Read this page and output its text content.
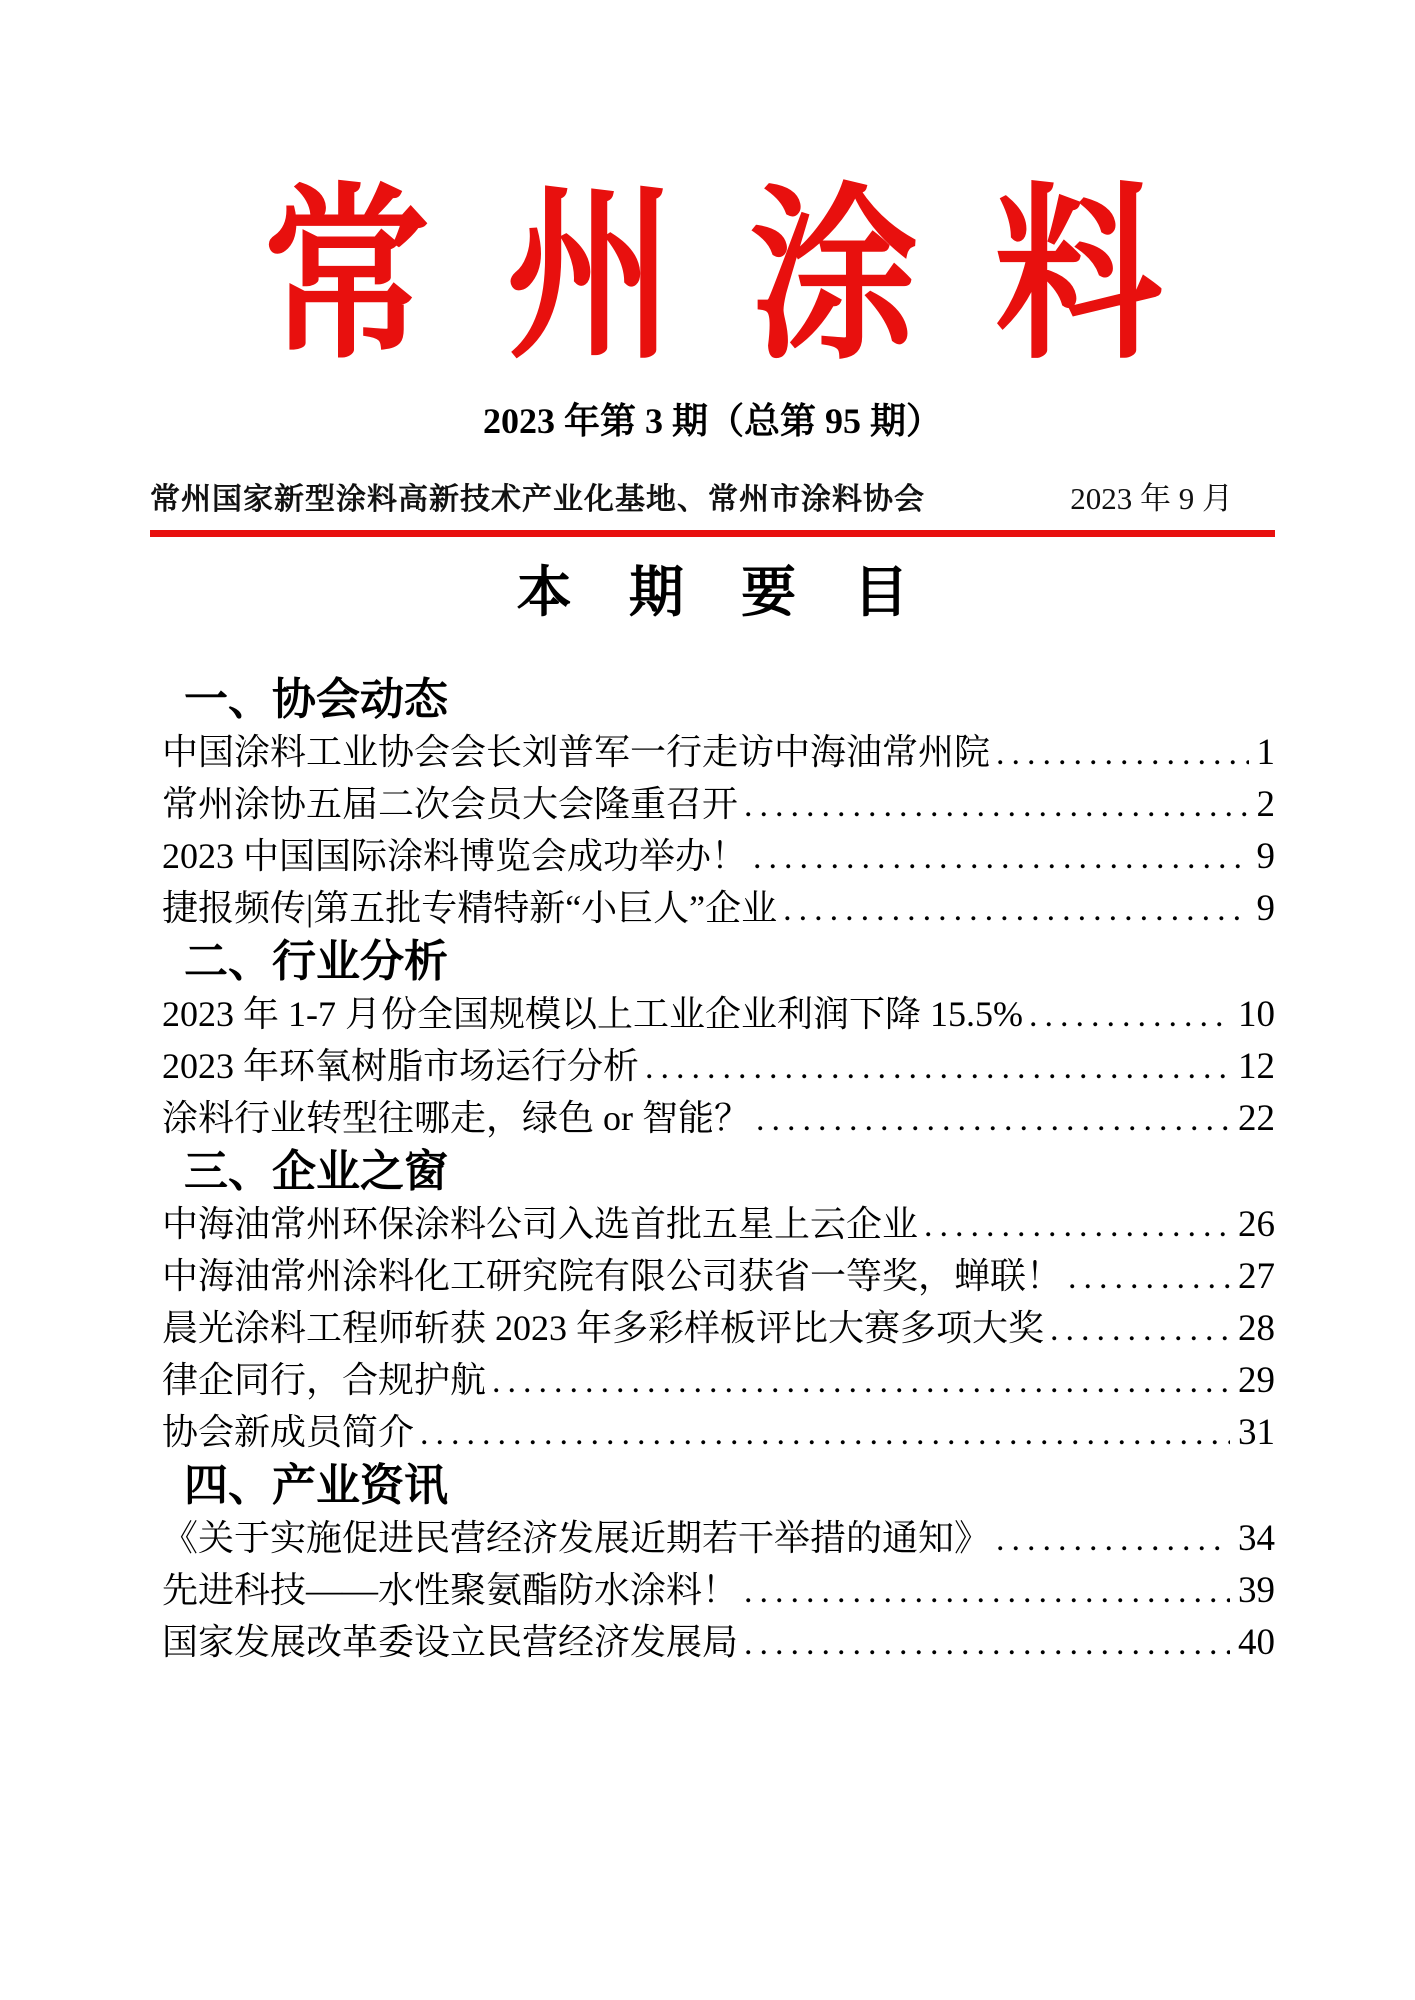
常 州 涂 料
2023 年第 3 期（总第 95 期）
常州国家新型涂料高新技术产业化基地、常州市涂料协会	2023 年 9 月
本 期 要 目
一、协会动态
中国涂料工业协会会长刘普军一行走访中海油常州院 .....	1
常州涂协五届二次会员大会隆重召开 .....	2
2023 中国国际涂料博览会成功举办！ .....	9
捷报频传|第五批专精特新“小巨人”企业 .....	9
二、行业分析
2023 年 1-7 月份全国规模以上工业企业利润下降 15.5% .....	10
2023 年环氧树脂市场运行分析 .....	12
涂料行业转型往哪走，绿色 or 智能？ .....	22
三、企业之窗
中海油常州环保涂料公司入选首批五星上云企业 .....	26
中海油常州涂料化工研究院有限公司获省一等奖，蝉联！ .....	27
晨光涂料工程师斩获 2023 年多彩样板评比大赛多项大奖 .....	28
律企同行，合规护航 .....	29
协会新成员简介 .....	31
四、产业资讯
《关于实施促进民营经济发展近期若干举措的通知》 .....	34
先进科技——水性聚氨酯防水涂料！ .....	39
国家发展改革委设立民营经济发展局 .....	40
